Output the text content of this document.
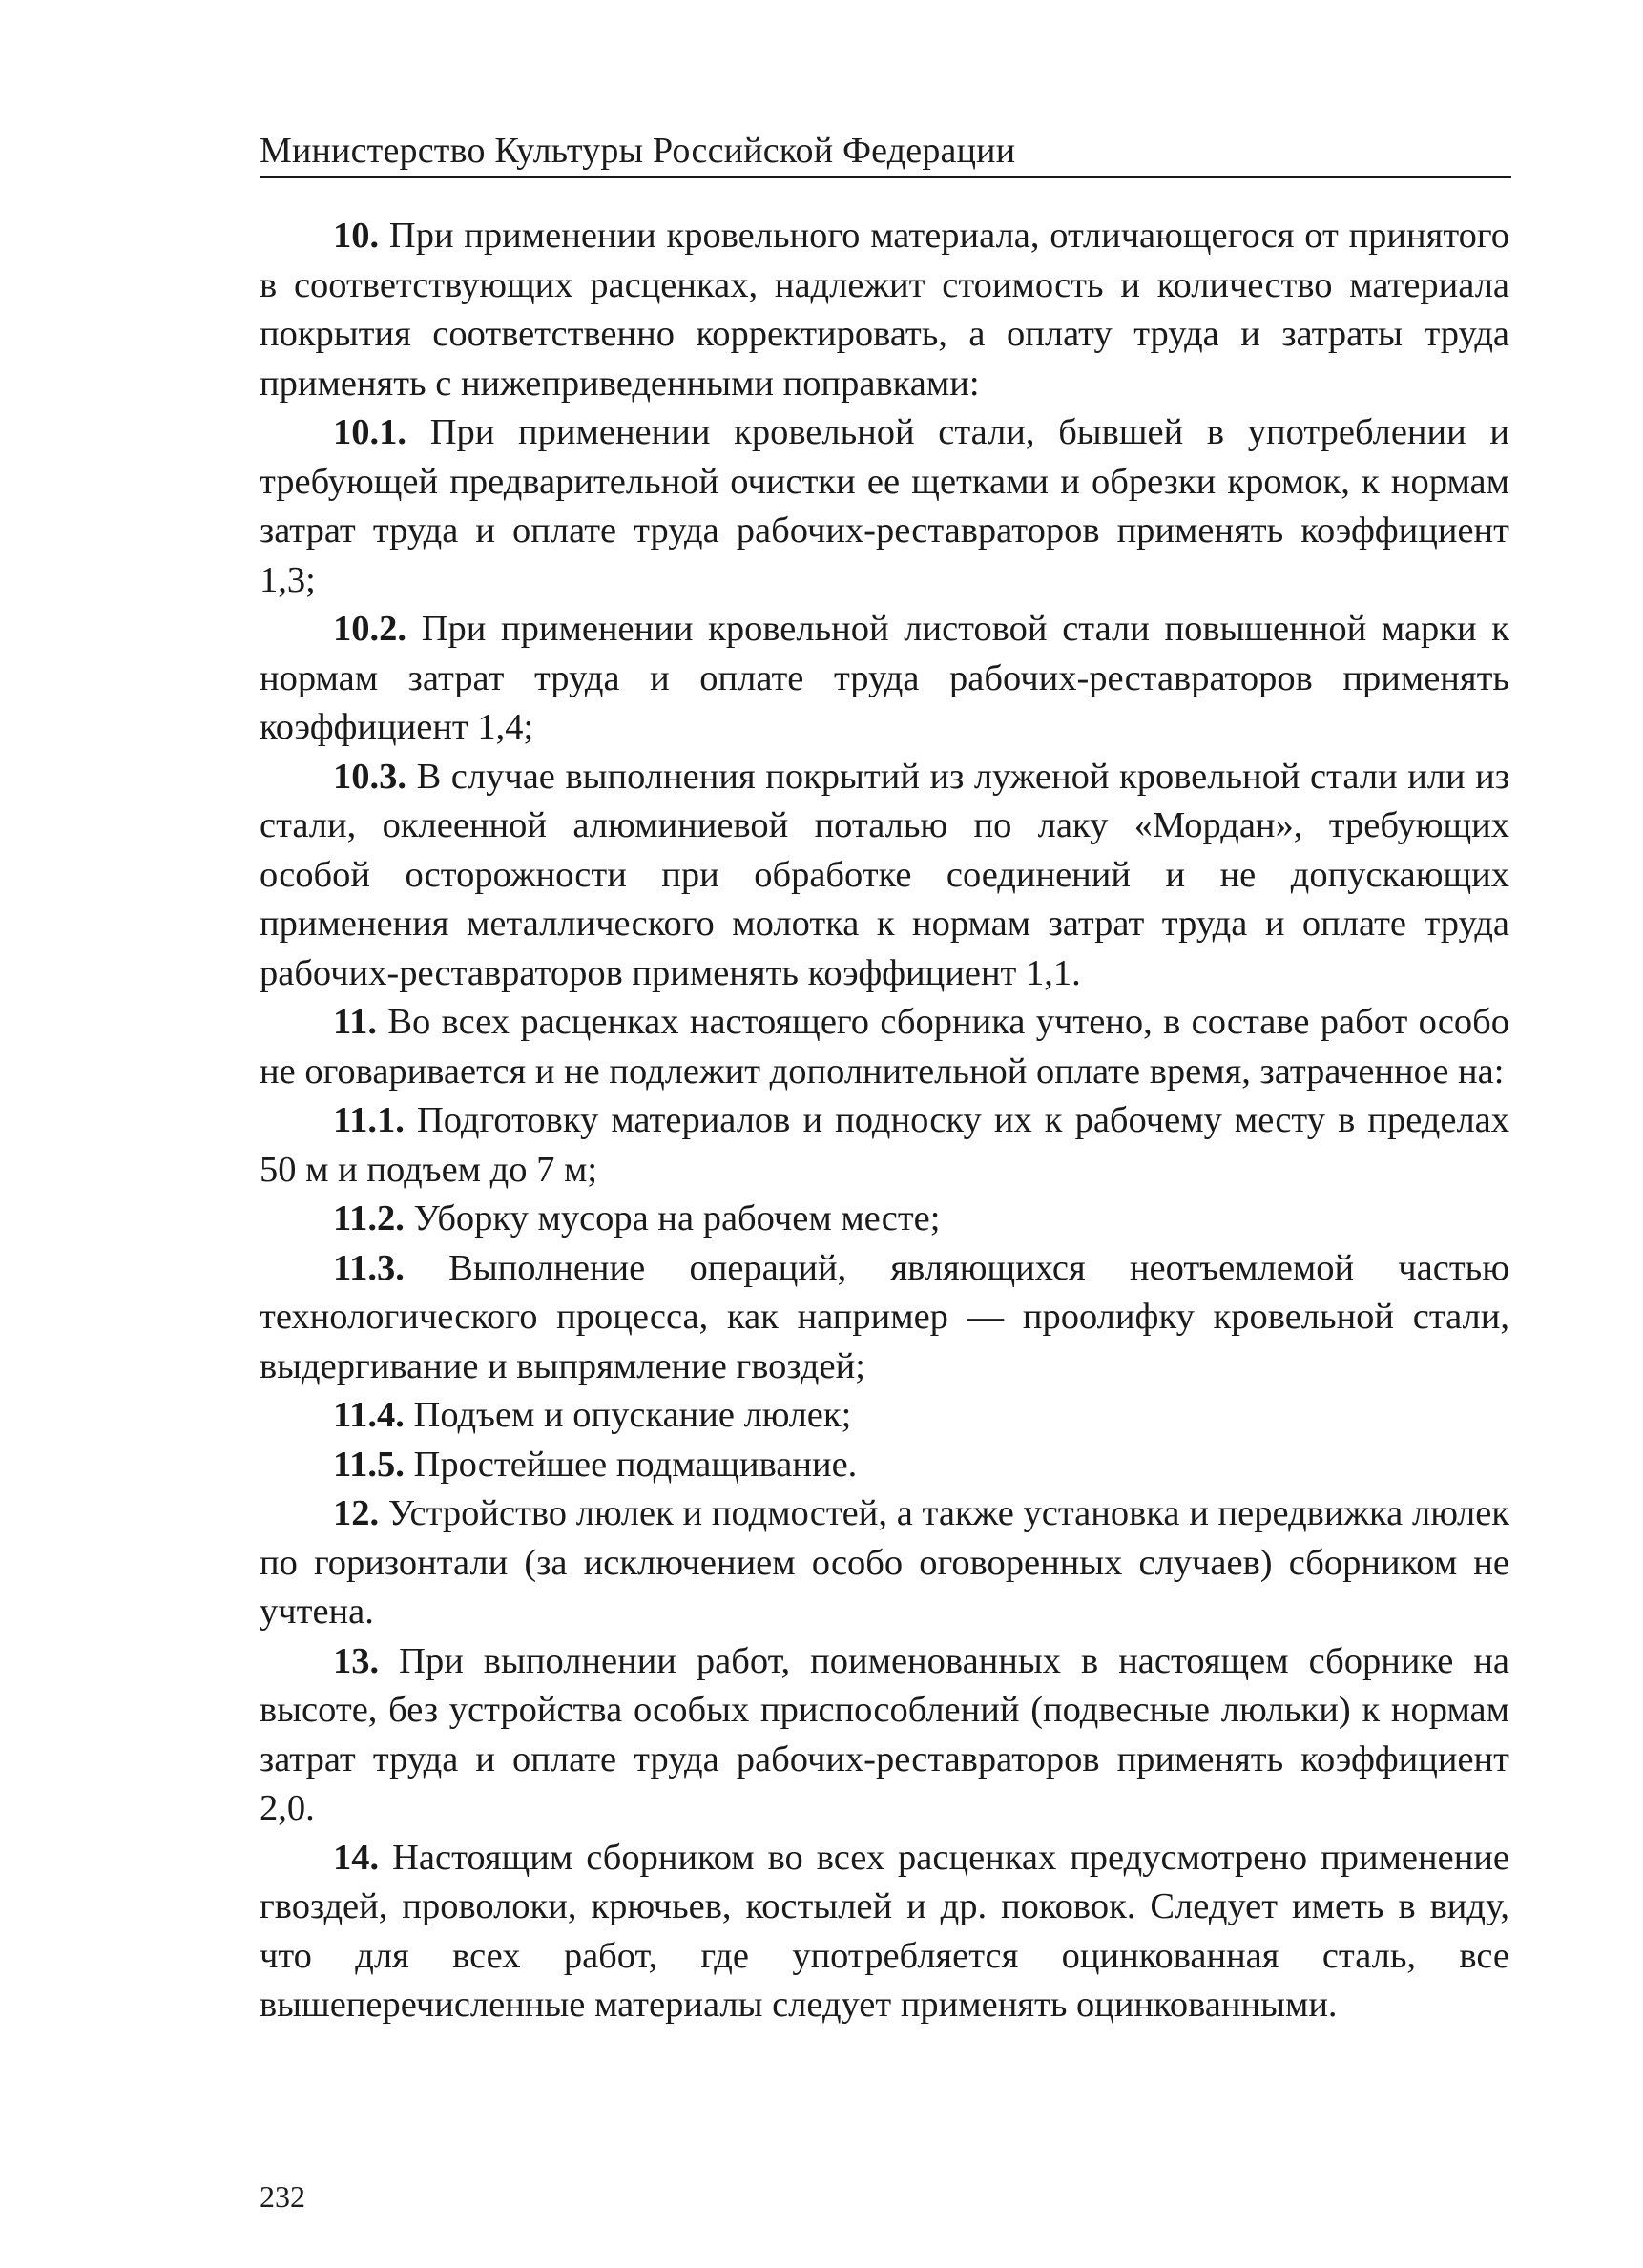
Министерство Культуры Российской Федерации

10. При применении кровельного материала, отличающегося от принятого в соответствующих расценках, надлежит стоимость и количество материала покрытия соответственно корректировать, а оплату труда и затраты труда применять с нижеприведенными поправками:

10.1. При применении кровельной стали, бывшей в употреблении и требующей предварительной очистки ее щетками и обрезки кромок, к нормам затрат труда и оплате труда рабочих-реставраторов применять коэффициент 1,3;

10.2. При применении кровельной листовой стали повышенной марки к нормам затрат труда и оплате труда рабочих-реставраторов применять коэффициент 1,4;

10.3. В случае выполнения покрытий из луженой кровельной стали или из стали, оклеенной алюминиевой поталью по лаку «Мордан», требующих особой осторожности при обработке соединений и не допускающих применения металлического молотка к нормам затрат труда и оплате труда рабочих-реставраторов применять коэффициент 1,1.

11. Во всех расценках настоящего сборника учтено, в составе работ особо не оговаривается и не подлежит дополнительной оплате время, затраченное на:

11.1. Подготовку материалов и подноску их к рабочему месту в пределах 50 м и подъем до 7 м;

11.2. Уборку мусора на рабочем месте;

11.3. Выполнение операций, являющихся неотъемлемой частью технологического процесса, как например — проолифку кровельной стали, выдергивание и выпрямление гвоздей;

11.4. Подъем и опускание люлек;

11.5. Простейшее подмащивание.

12. Устройство люлек и подмостей, а также установка и передвижка люлек по горизонтали (за исключением особо оговоренных случаев) сборником не учтена.

13. При выполнении работ, поименованных в настоящем сборнике на высоте, без устройства особых приспособлений (подвесные люльки) к нормам затрат труда и оплате труда рабочих-реставраторов применять коэффициент 2,0.

14. Настоящим сборником во всех расценках предусмотрено применение гвоздей, проволоки, крючьев, костылей и др. поковок. Следует иметь в виду, что для всех работ, где употребляется оцинкованная сталь, все вышеперечисленные материалы следует применять оцинкованными.

232
